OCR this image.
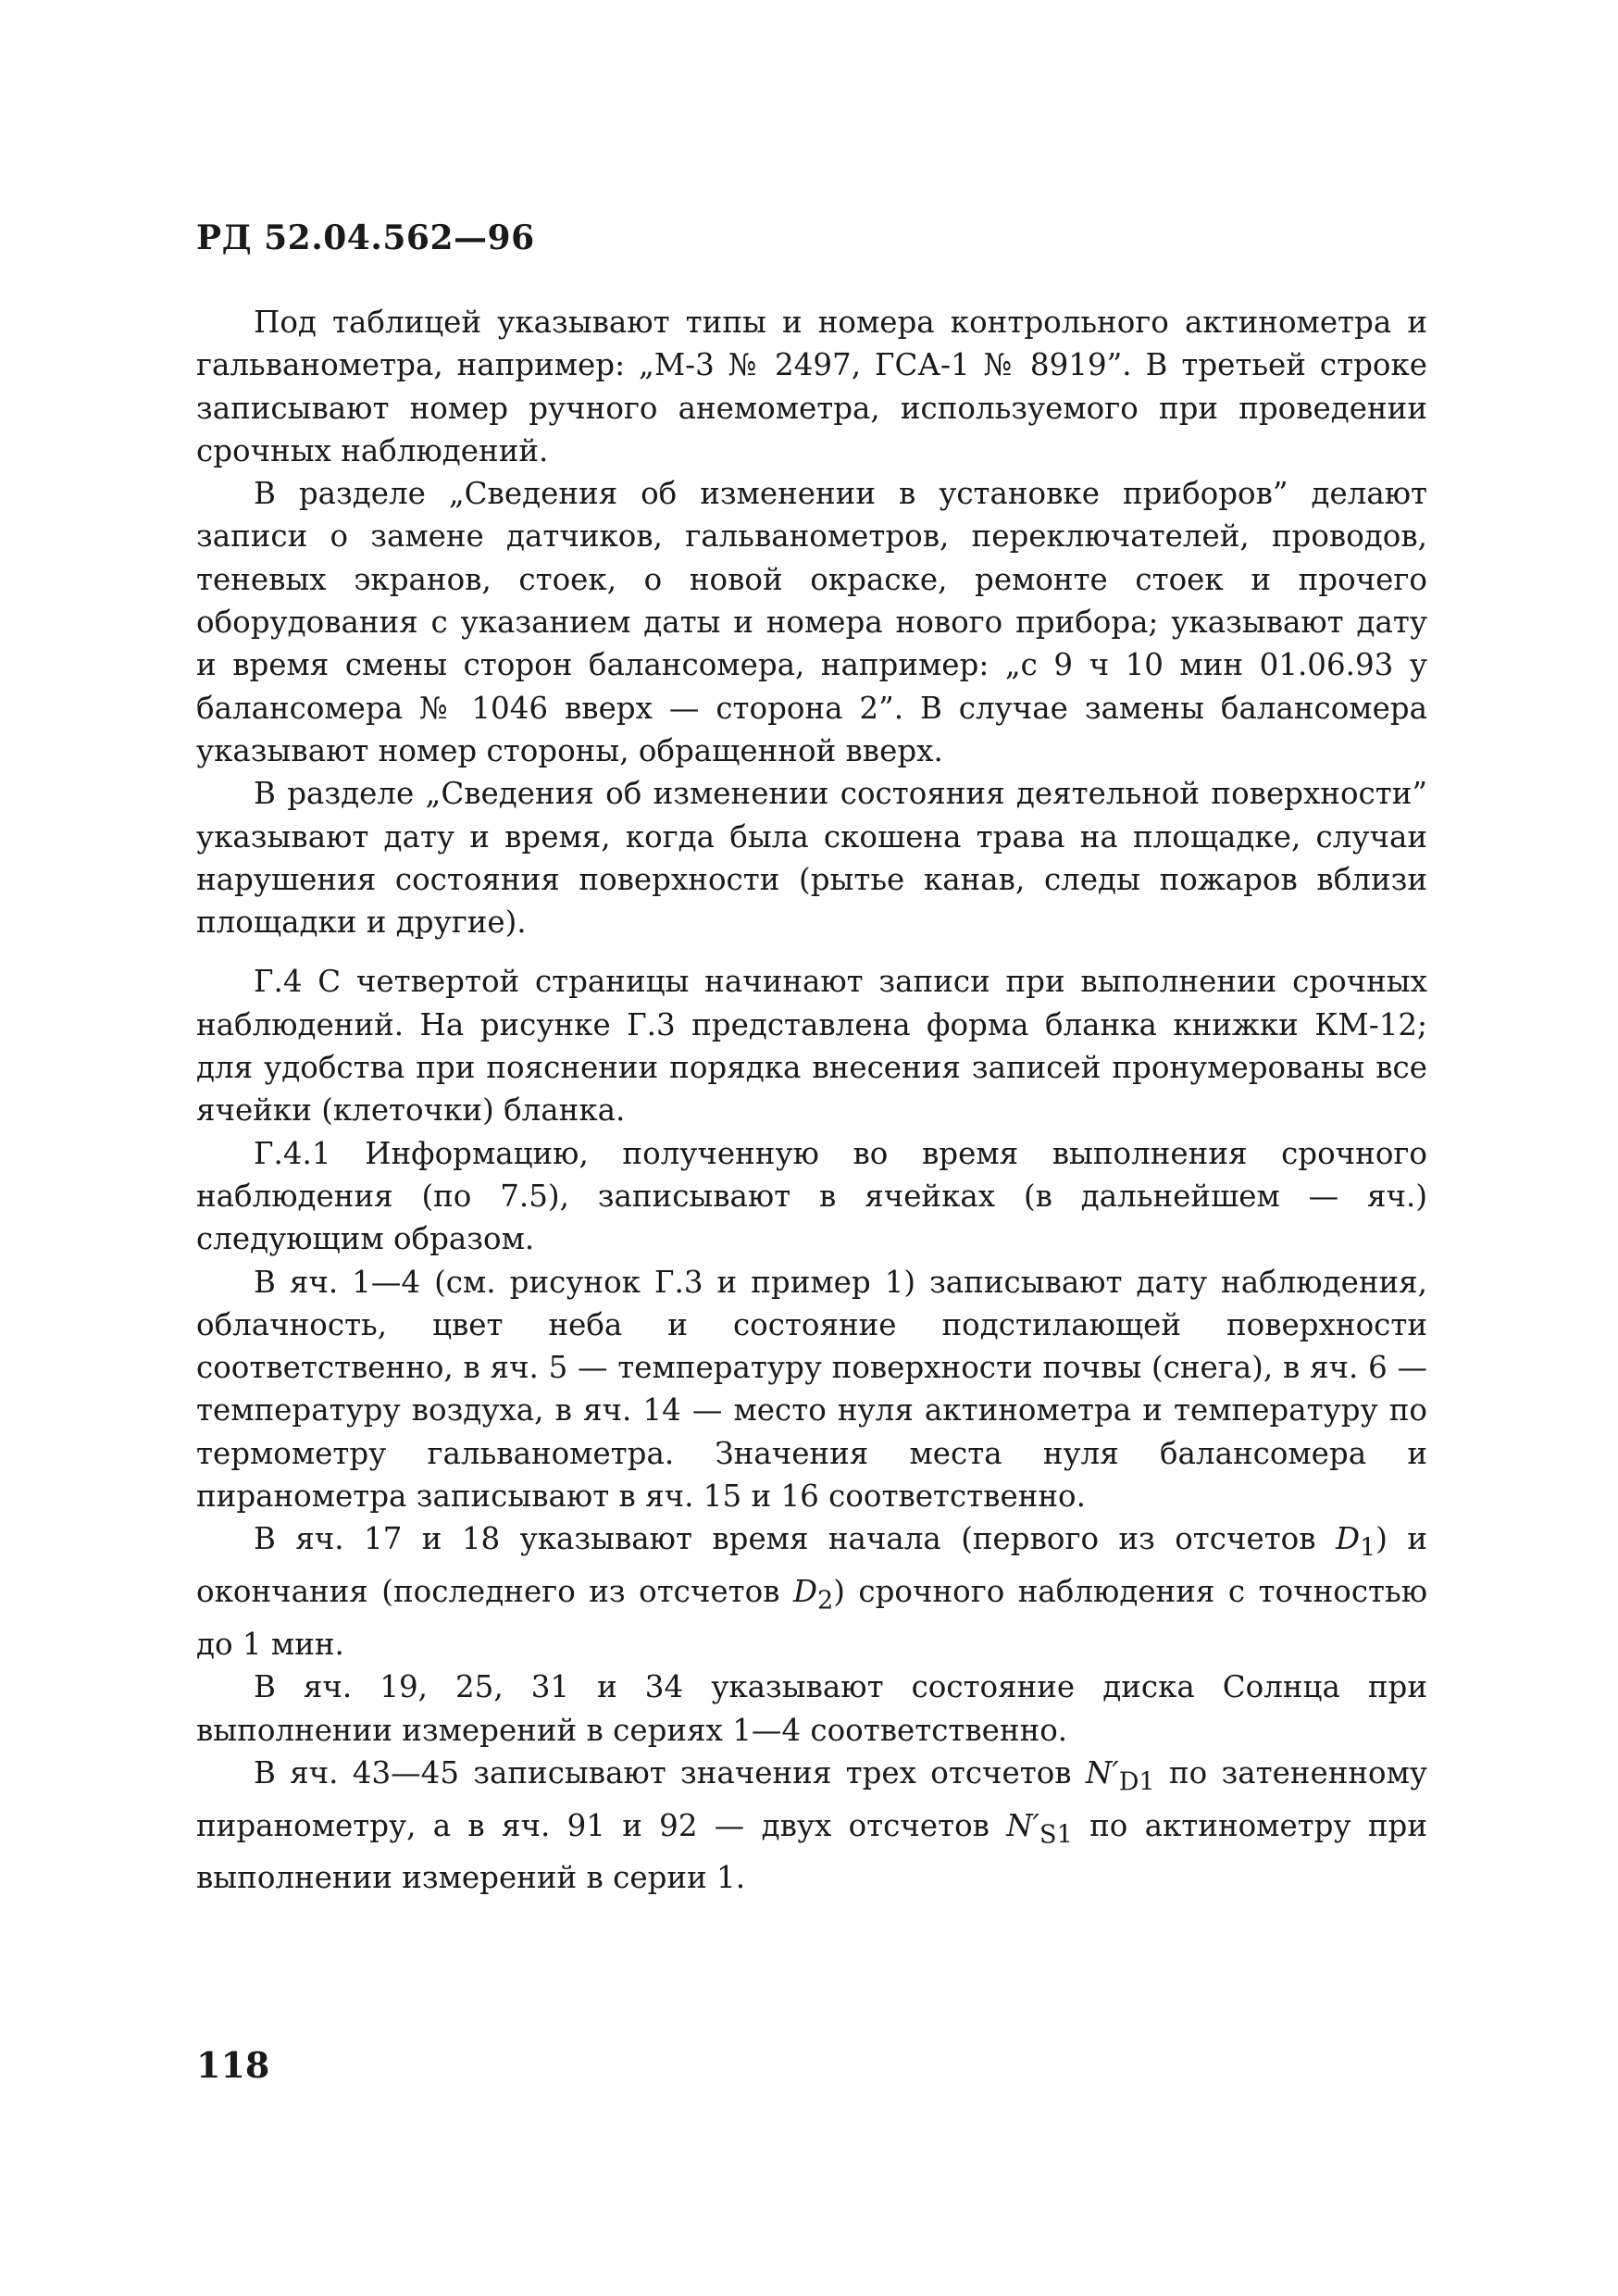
РД 52.04.562—96

Под таблицей указывают типы и номера контрольного актинометра и гальванометра, например: „М-3 № 2497, ГСА-1 № 8919”. В третьей строке записывают номер ручного анемометра, используемого при проведении срочных наблюдений.

В разделе „Сведения об изменении в установке приборов” делают записи о замене датчиков, гальванометров, переключателей, проводов, теневых экранов, стоек, о новой окраске, ремонте стоек и прочего оборудования с указанием даты и номера нового прибора; указывают дату и время смены сторон балансомера, например: „с 9 ч 10 мин 01.06.93 у балансомера № 1046 вверх — сторона 2”. В случае замены балансомера указывают номер стороны, обращенной вверх.

В разделе „Сведения об изменении состояния деятельной поверхности” указывают дату и время, когда была скошена трава на площадке, случаи нарушения состояния поверхности (рытье канав, следы пожаров вблизи площадки и другие).

Г.4 С четвертой страницы начинают записи при выполнении срочных наблюдений. На рисунке Г.3 представлена форма бланка книжки КМ-12; для удобства при пояснении порядка внесения записей пронумерованы все ячейки (клеточки) бланка.

Г.4.1 Информацию, полученную во время выполнения срочного наблюдения (по 7.5), записывают в ячейках (в дальнейшем — яч.) следующим образом.

В яч. 1—4 (см. рисунок Г.3 и пример 1) записывают дату наблюдения, облачность, цвет неба и состояние подстилающей поверхности соответственно, в яч. 5 — температуру поверхности почвы (снега), в яч. 6 — температуру воздуха, в яч. 14 — место нуля актинометра и температуру по термометру гальванометра. Значения места нуля балансомера и пиранометра записывают в яч. 15 и 16 соответственно.

В яч. 17 и 18 указывают время начала (первого из отсчетов $D_1$) и окончания (последнего из отсчетов $D_2$) срочного наблюдения с точностью до 1 мин.

В яч. 19, 25, 31 и 34 указывают состояние диска Солнца при выполнении измерений в сериях 1—4 соответственно.

В яч. 43—45 записывают значения трех отсчетов $N'_{D1}$ по затененному пиранометру, а в яч. 91 и 92 — двух отсчетов $N'_{S1}$ по актинометру при выполнении измерений в серии 1.

118
